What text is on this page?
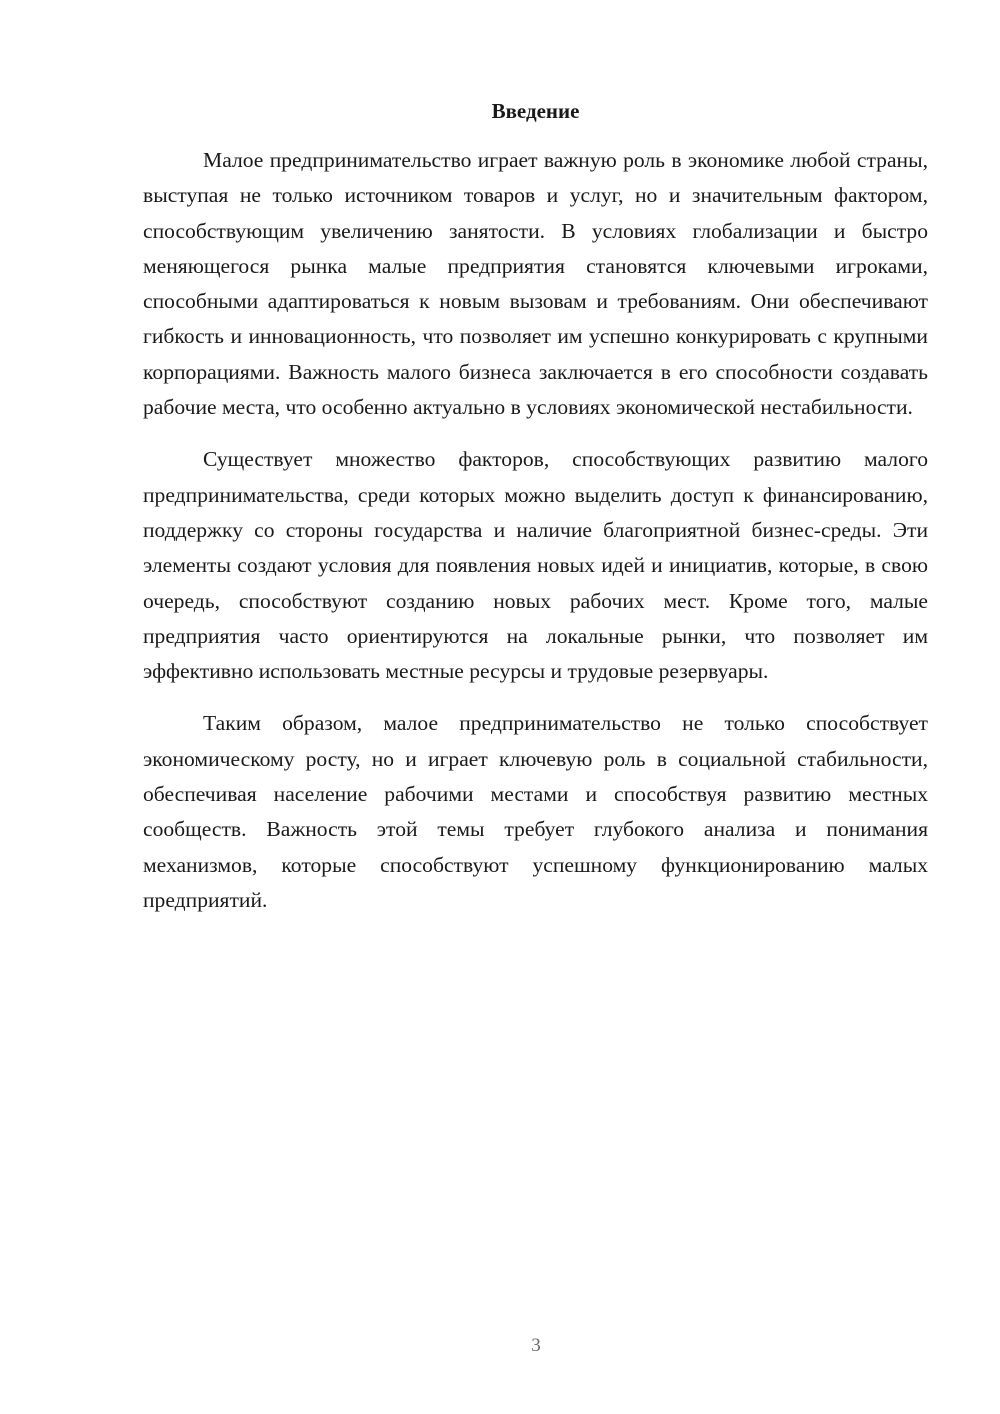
Введение

Малое предпринимательство играет важную роль в экономике любой страны, выступая не только источником товаров и услуг, но и значительным фактором, способствующим увеличению занятости. В условиях глобализации и быстро меняющегося рынка малые предприятия становятся ключевыми игроками, способными адаптироваться к новым вызовам и требованиям. Они обеспечивают гибкость и инновационность, что позволяет им успешно конкурировать с крупными корпорациями. Важность малого бизнеса заключается в его способности создавать рабочие места, что особенно актуально в условиях экономической нестабильности.

Существует множество факторов, способствующих развитию малого предпринимательства, среди которых можно выделить доступ к финансированию, поддержку со стороны государства и наличие благоприятной бизнес-среды. Эти элементы создают условия для появления новых идей и инициатив, которые, в свою очередь, способствуют созданию новых рабочих мест. Кроме того, малые предприятия часто ориентируются на локальные рынки, что позволяет им эффективно использовать местные ресурсы и трудовые резервуары.

Таким образом, малое предпринимательство не только способствует экономическому росту, но и играет ключевую роль в социальной стабильности, обеспечивая население рабочими местами и способствуя развитию местных сообществ. Важность этой темы требует глубокого анализа и понимания механизмов, которые способствуют успешному функционированию малых предприятий.

3
